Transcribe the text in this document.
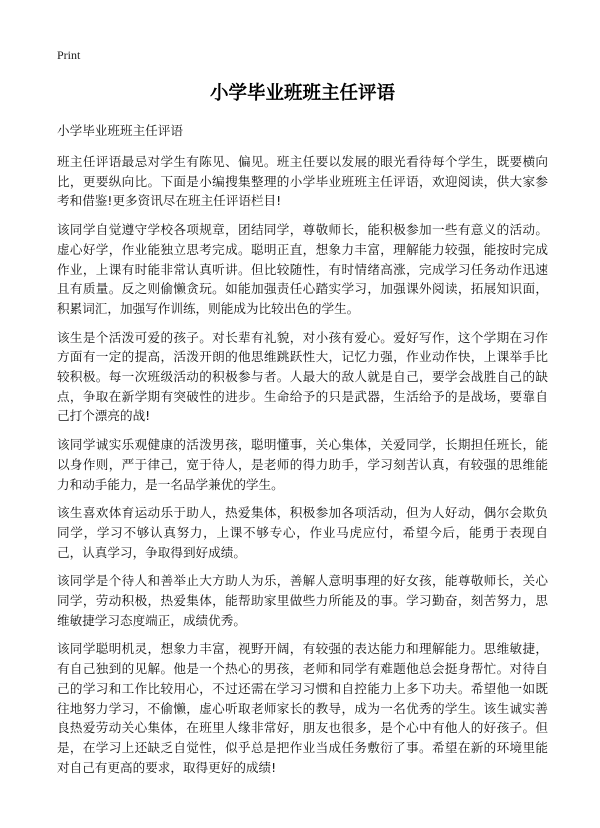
Print
小学毕业班班主任评语

小学毕业班班主任评语

班主任评语最忌对学生有陈见、偏见。班主任要以发展的眼光看待每个学生，既要横向比，更要纵向比。下面是小编搜集整理的小学毕业班班主任评语，欢迎阅读，供大家参考和借鉴!更多资讯尽在班主任评语栏目!

该同学自觉遵守学校各项规章，团结同学，尊敬师长，能积极参加一些有意义的活动。虚心好学，作业能独立思考完成。聪明正直，想象力丰富，理解能力较强，能按时完成作业，上课有时能非常认真听讲。但比较随性，有时情绪高涨，完成学习任务动作迅速且有质量。反之则偷懒贪玩。如能加强责任心踏实学习，加强课外阅读，拓展知识面，积累词汇，加强写作训练，则能成为比较出色的学生。

该生是个活泼可爱的孩子。对长辈有礼貌，对小孩有爱心。爱好写作，这个学期在习作方面有一定的提高，活泼开朗的他思维跳跃性大，记忆力强，作业动作快，上课举手比较积极。每一次班级活动的积极参与者。人最大的敌人就是自己，要学会战胜自己的缺点，争取在新学期有突破性的进步。生命给予的只是武器，生活给予的是战场，要靠自己打个漂亮的战!

该同学诚实乐观健康的活泼男孩，聪明懂事，关心集体，关爱同学，长期担任班长，能以身作则，严于律己，宽于待人，是老师的得力助手，学习刻苦认真，有较强的思维能力和动手能力，是一名品学兼优的学生。

该生喜欢体育运动乐于助人，热爱集体，积极参加各项活动，但为人好动，偶尔会欺负同学，学习不够认真努力，上课不够专心，作业马虎应付，希望今后，能勇于表现自己，认真学习，争取得到好成绩。

该同学是个待人和善举止大方助人为乐，善解人意明事理的好女孩，能尊敬师长，关心同学，劳动积极，热爱集体，能帮助家里做些力所能及的事。学习勤奋，刻苦努力，思维敏捷学习态度端正，成绩优秀。

该同学聪明机灵，想象力丰富，视野开阔，有较强的表达能力和理解能力。思维敏捷，有自己独到的见解。他是一个热心的男孩，老师和同学有难题他总会挺身帮忙。对待自己的学习和工作比较用心，不过还需在学习习惯和自控能力上多下功夫。希望他一如既往地努力学习，不偷懒，虚心听取老师家长的教导，成为一名优秀的学生。该生诚实善良热爱劳动关心集体，在班里人缘非常好，朋友也很多，是个心中有他人的好孩子。但是，在学习上还缺乏自觉性，似乎总是把作业当成任务敷衍了事。希望在新的环境里能对自己有更高的要求，取得更好的成绩!
